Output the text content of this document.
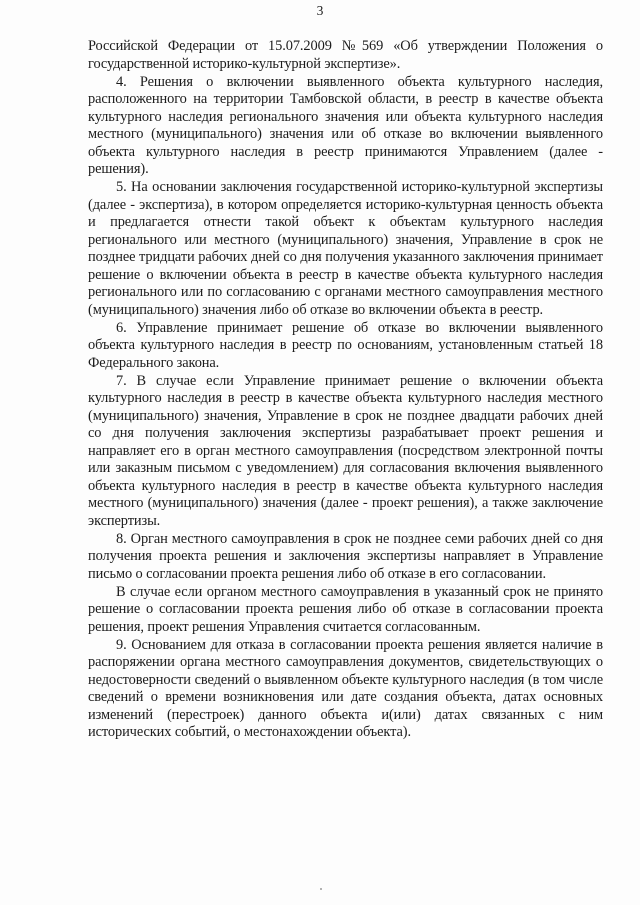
3

Российской Федерации от 15.07.2009 №569 «Об утверждении Положения о государственной историко-культурной экспертизе».

4. Решения о включении выявленного объекта культурного наследия, расположенного на территории Тамбовской области, в реестр в качестве объекта культурного наследия регионального значения или объекта культурного наследия местного (муниципального) значения или об отказе во включении выявленного объекта культурного наследия в реестр принимаются Управлением (далее - решения).

5. На основании заключения государственной историко-культурной экспертизы (далее - экспертиза), в котором определяется историко-культурная ценность объекта и предлагается отнести такой объект к объектам культурного наследия регионального или местного (муниципального) значения, Управление в срок не позднее тридцати рабочих дней со дня получения указанного заключения принимает решение о включении объекта в реестр в качестве объекта культурного наследия регионального или по согласованию с органами местного самоуправления местного (муниципального) значения либо об отказе во включении объекта в реестр.

6. Управление принимает решение об отказе во включении выявленного объекта культурного наследия в реестр по основаниям, установленным статьей 18 Федерального закона.

7. В случае если Управление принимает решение о включении объекта культурного наследия в реестр в качестве объекта культурного наследия местного (муниципального) значения, Управление в срок не позднее двадцати рабочих дней со дня получения заключения экспертизы разрабатывает проект решения и направляет его в орган местного самоуправления (посредством электронной почты или заказным письмом с уведомлением) для согласования включения выявленного объекта культурного наследия в реестр в качестве объекта культурного наследия местного (муниципального) значения (далее - проект решения), а также заключение экспертизы.

8. Орган местного самоуправления в срок не позднее семи рабочих дней со дня получения проекта решения и заключения экспертизы направляет в Управление письмо о согласовании проекта решения либо об отказе в его согласовании.

В случае если органом местного самоуправления в указанный срок не принято решение о согласовании проекта решения либо об отказе в согласовании проекта решения, проект решения Управления считается согласованным.

9. Основанием для отказа в согласовании проекта решения является наличие в распоряжении органа местного самоуправления документов, свидетельствующих о недостоверности сведений о выявленном объекте культурного наследия (в том числе сведений о времени возникновения или дате создания объекта, датах основных изменений (перестроек) данного объекта и(или) датах связанных с ним исторических событий, о местонахождении объекта).
